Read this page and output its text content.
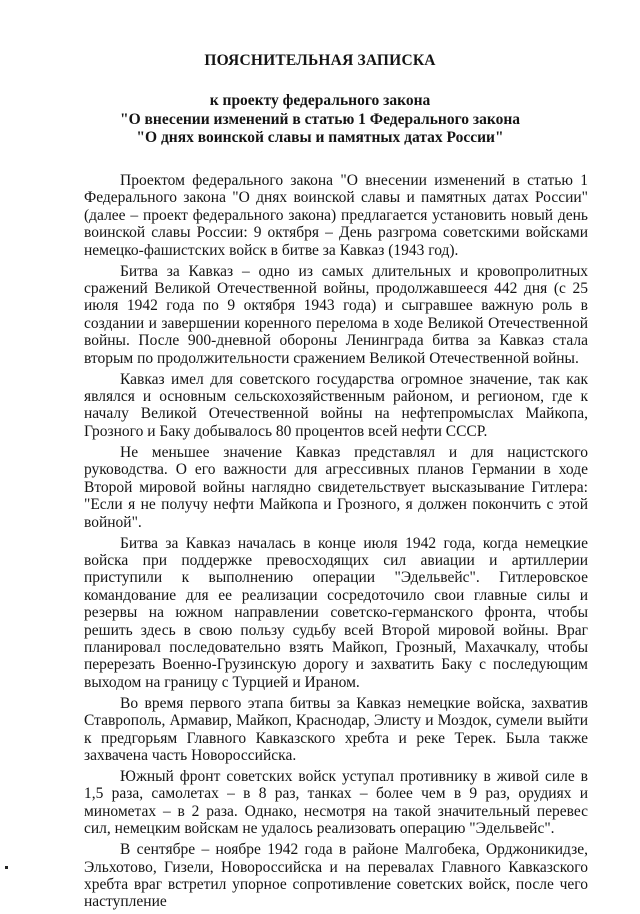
ПОЯСНИТЕЛЬНАЯ ЗАПИСКА
к проекту федерального закона
"О внесении изменений в статью 1 Федерального закона
"О днях воинской славы и памятных датах России"

Проектом федерального закона "О внесении изменений в статью 1 Федерального закона "О днях воинской славы и памятных датах России" (далее – проект федерального закона) предлагается установить новый день воинской славы России: 9 октября – День разгрома советскими войсками немецко-фашистских войск в битве за Кавказ (1943 год).

Битва за Кавказ – одно из самых длительных и кровопролитных сражений Великой Отечественной войны, продолжавшееся 442 дня (с 25 июля 1942 года по 9 октября 1943 года) и сыгравшее важную роль в создании и завершении коренного перелома в ходе Великой Отечественной войны. После 900-дневной обороны Ленинграда битва за Кавказ стала вторым по продолжительности сражением Великой Отечественной войны.

Кавказ имел для советского государства огромное значение, так как являлся и основным сельскохозяйственным районом, и регионом, где к началу Великой Отечественной войны на нефтепромыслах Майкопа, Грозного и Баку добывалось 80 процентов всей нефти СССР.

Не меньшее значение Кавказ представлял и для нацистского руководства. О его важности для агрессивных планов Германии в ходе Второй мировой войны наглядно свидетельствует высказывание Гитлера: "Если я не получу нефти Майкопа и Грозного, я должен покончить с этой войной".

Битва за Кавказ началась в конце июля 1942 года, когда немецкие войска при поддержке превосходящих сил авиации и артиллерии приступили к выполнению операции "Эдельвейс". Гитлеровское командование для ее реализации сосредоточило свои главные силы и резервы на южном направлении советско-германского фронта, чтобы решить здесь в свою пользу судьбу всей Второй мировой войны. Враг планировал последовательно взять Майкоп, Грозный, Махачкалу, чтобы перерезать Военно-Грузинскую дорогу и захватить Баку с последующим выходом на границу с Турцией и Ираном.

Во время первого этапа битвы за Кавказ немецкие войска, захватив Ставрополь, Армавир, Майкоп, Краснодар, Элисту и Моздок, сумели выйти к предгорьям Главного Кавказского хребта и реке Терек. Была также захвачена часть Новороссийска.

Южный фронт советских войск уступал противнику в живой силе в 1,5 раза, самолетах – в 8 раз, танках – более чем в 9 раз, орудиях и минометах – в 2 раза. Однако, несмотря на такой значительный перевес сил, немецким войскам не удалось реализовать операцию "Эдельвейс".

В сентябре – ноябре 1942 года в районе Малгобека, Орджоникидзе, Эльхотово, Гизели, Новороссийска и на перевалах Главного Кавказского хребта враг встретил упорное сопротивление советских войск, после чего наступление
